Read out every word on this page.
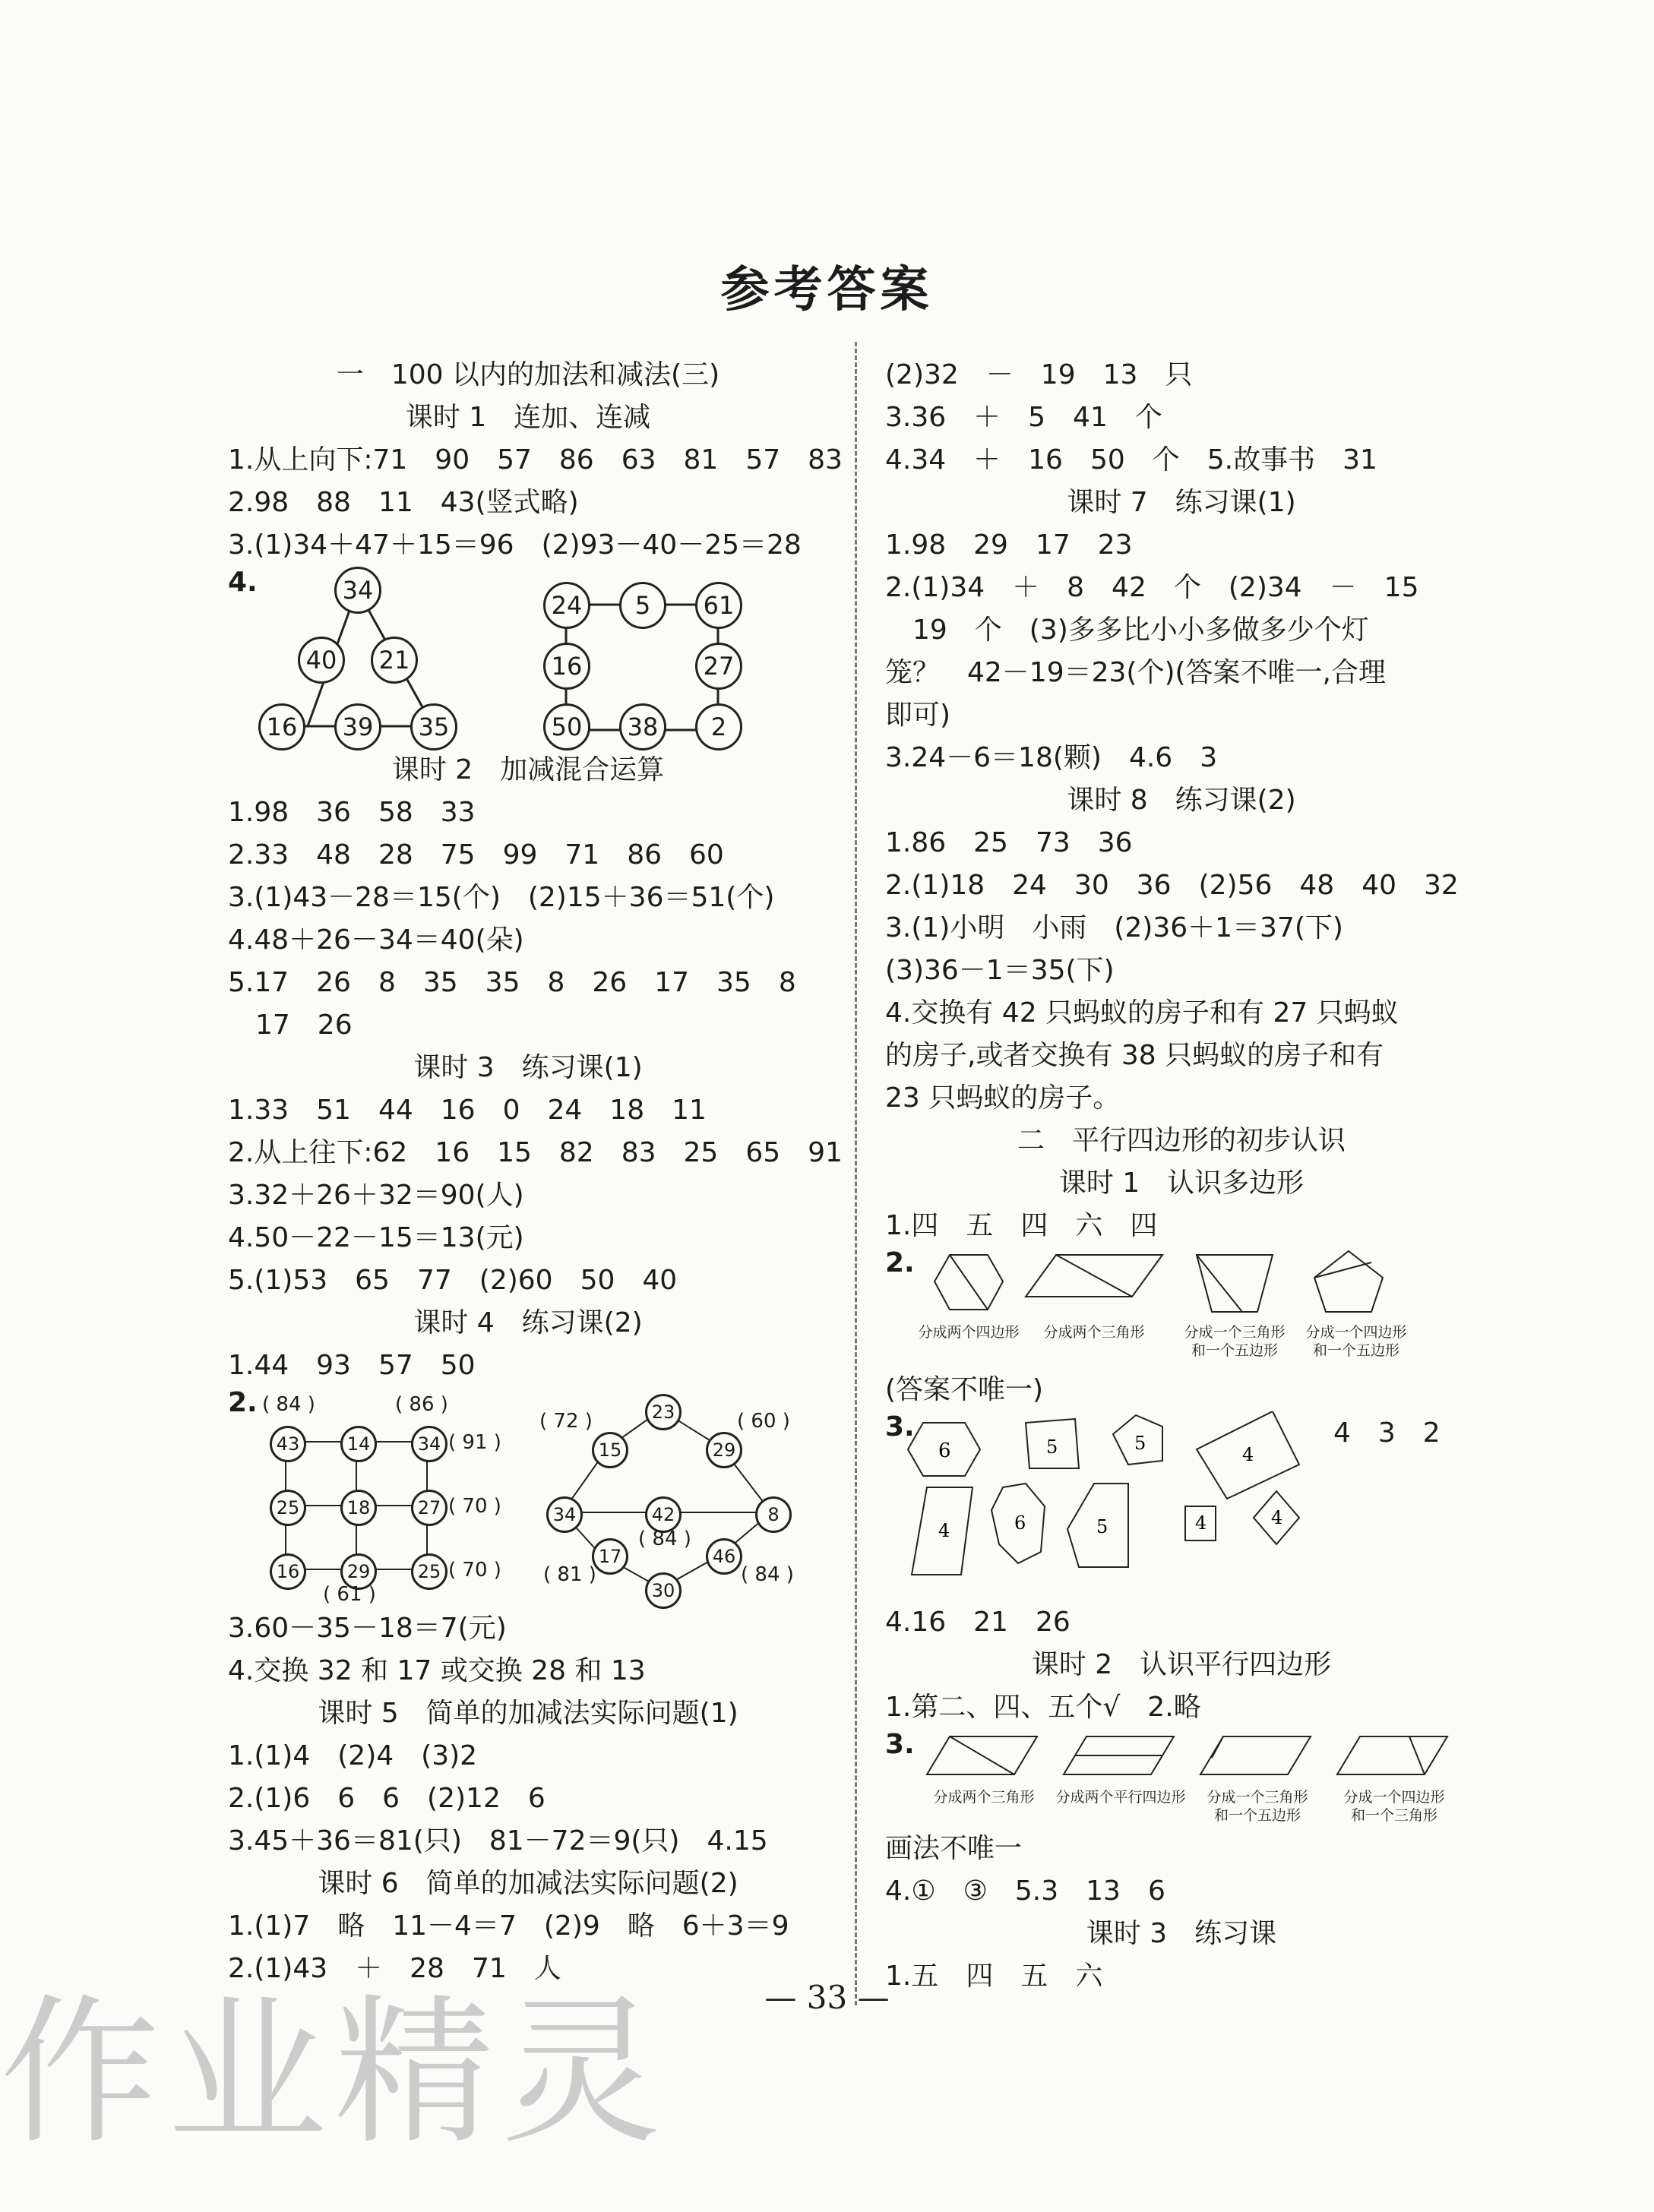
参考答案
一　100 以内的加法和减法(三)
课时 1　连加、连减
1.从上向下:71　90　57　86　63　81　57　83
2.98　88　11　43(竖式略)
3.(1)34＋47＋15＝96　(2)93－40－25＝28
4.	34
40	21
16	39	35
24	5	61
16	27
50	38	2
课时 2　加减混合运算
1.98　36　58　33
2.33　48　28　75　99　71　86　60
3.(1)43－28＝15(个)　(2)15＋36＝51(个)
4.48＋26－34＝40(朵)
5.17　26　8　35　35　8　26　17　35　8
　17　26
课时 3　练习课(1)
1.33　51　44　16　0　24　18　11
2.从上往下:62　16　15　82　83　25　65　91
3.32＋26＋32＝90(人)
4.50－22－15＝13(元)
5.(1)53　65　77　(2)60　50　40
课时 4　练习课(2)
1.44　93　57　50
2.
43	14	34
25	18	27
16	29	25
( 84 )	( 86 )
( 91 )
( 70 )
( 70 )
( 61 )
23
15	29
34	42	8
17	46
30
( 72 )	( 60 )
( 84 )
( 81 )	( 84 )
3.60－35－18＝7(元)
4.交换 32 和 17 或交换 28 和 13
课时 5　简单的加减法实际问题(1)
1.(1)4　(2)4　(3)2
2.(1)6　6　6　(2)12　6
3.45＋36＝81(只)　81－72＝9(只)　4.15
课时 6　简单的加减法实际问题(2)
1.(1)7　略　11－4＝7　(2)9　略　6＋3＝9
2.(1)43　＋　28　71　人
(2)32　－　19　13　只
3.36　＋　5　41　个
4.34　＋　16　50　个　5.故事书　31
课时 7　练习课(1)
1.98　29　17　23
2.(1)34　＋　8　42　个　(2)34　－　15
　19　个　(3)多多比小小多做多少个灯
笼？　42－19＝23(个)(答案不唯一,合理
即可)
3.24－6＝18(颗)　4.6　3
课时 8　练习课(2)
1.86　25　73　36
2.(1)18　24　30　36　(2)56　48　40　32
3.(1)小明　小雨　(2)36＋1＝37(下)
(3)36－1＝35(下)
4.交换有 42 只蚂蚁的房子和有 27 只蚂蚁
的房子,或者交换有 38 只蚂蚁的房子和有
23 只蚂蚁的房子。
二　平行四边形的初步认识
课时 1　认识多边形
1.四　五　四　六　四
2.
分成两个四边形	分成两个三角形	分成一个三角形
和一个五边形
分成一个四边形
和一个五边形
(答案不唯一)
3.
6	5	5
4
4	6	5	4	4
4　3　2
4.16　21　26
课时 2　认识平行四边形
1.第二、四、五个√　2.略
3.
分成两个三角形	分成两个平行四边形	分成一个三角形
和一个五边形
分成一个四边形
和一个三角形
画法不唯一
4.①　③　5.3　13　6
课时 3　练习课
1.五　四　五　六
— 33 —
作业精灵
